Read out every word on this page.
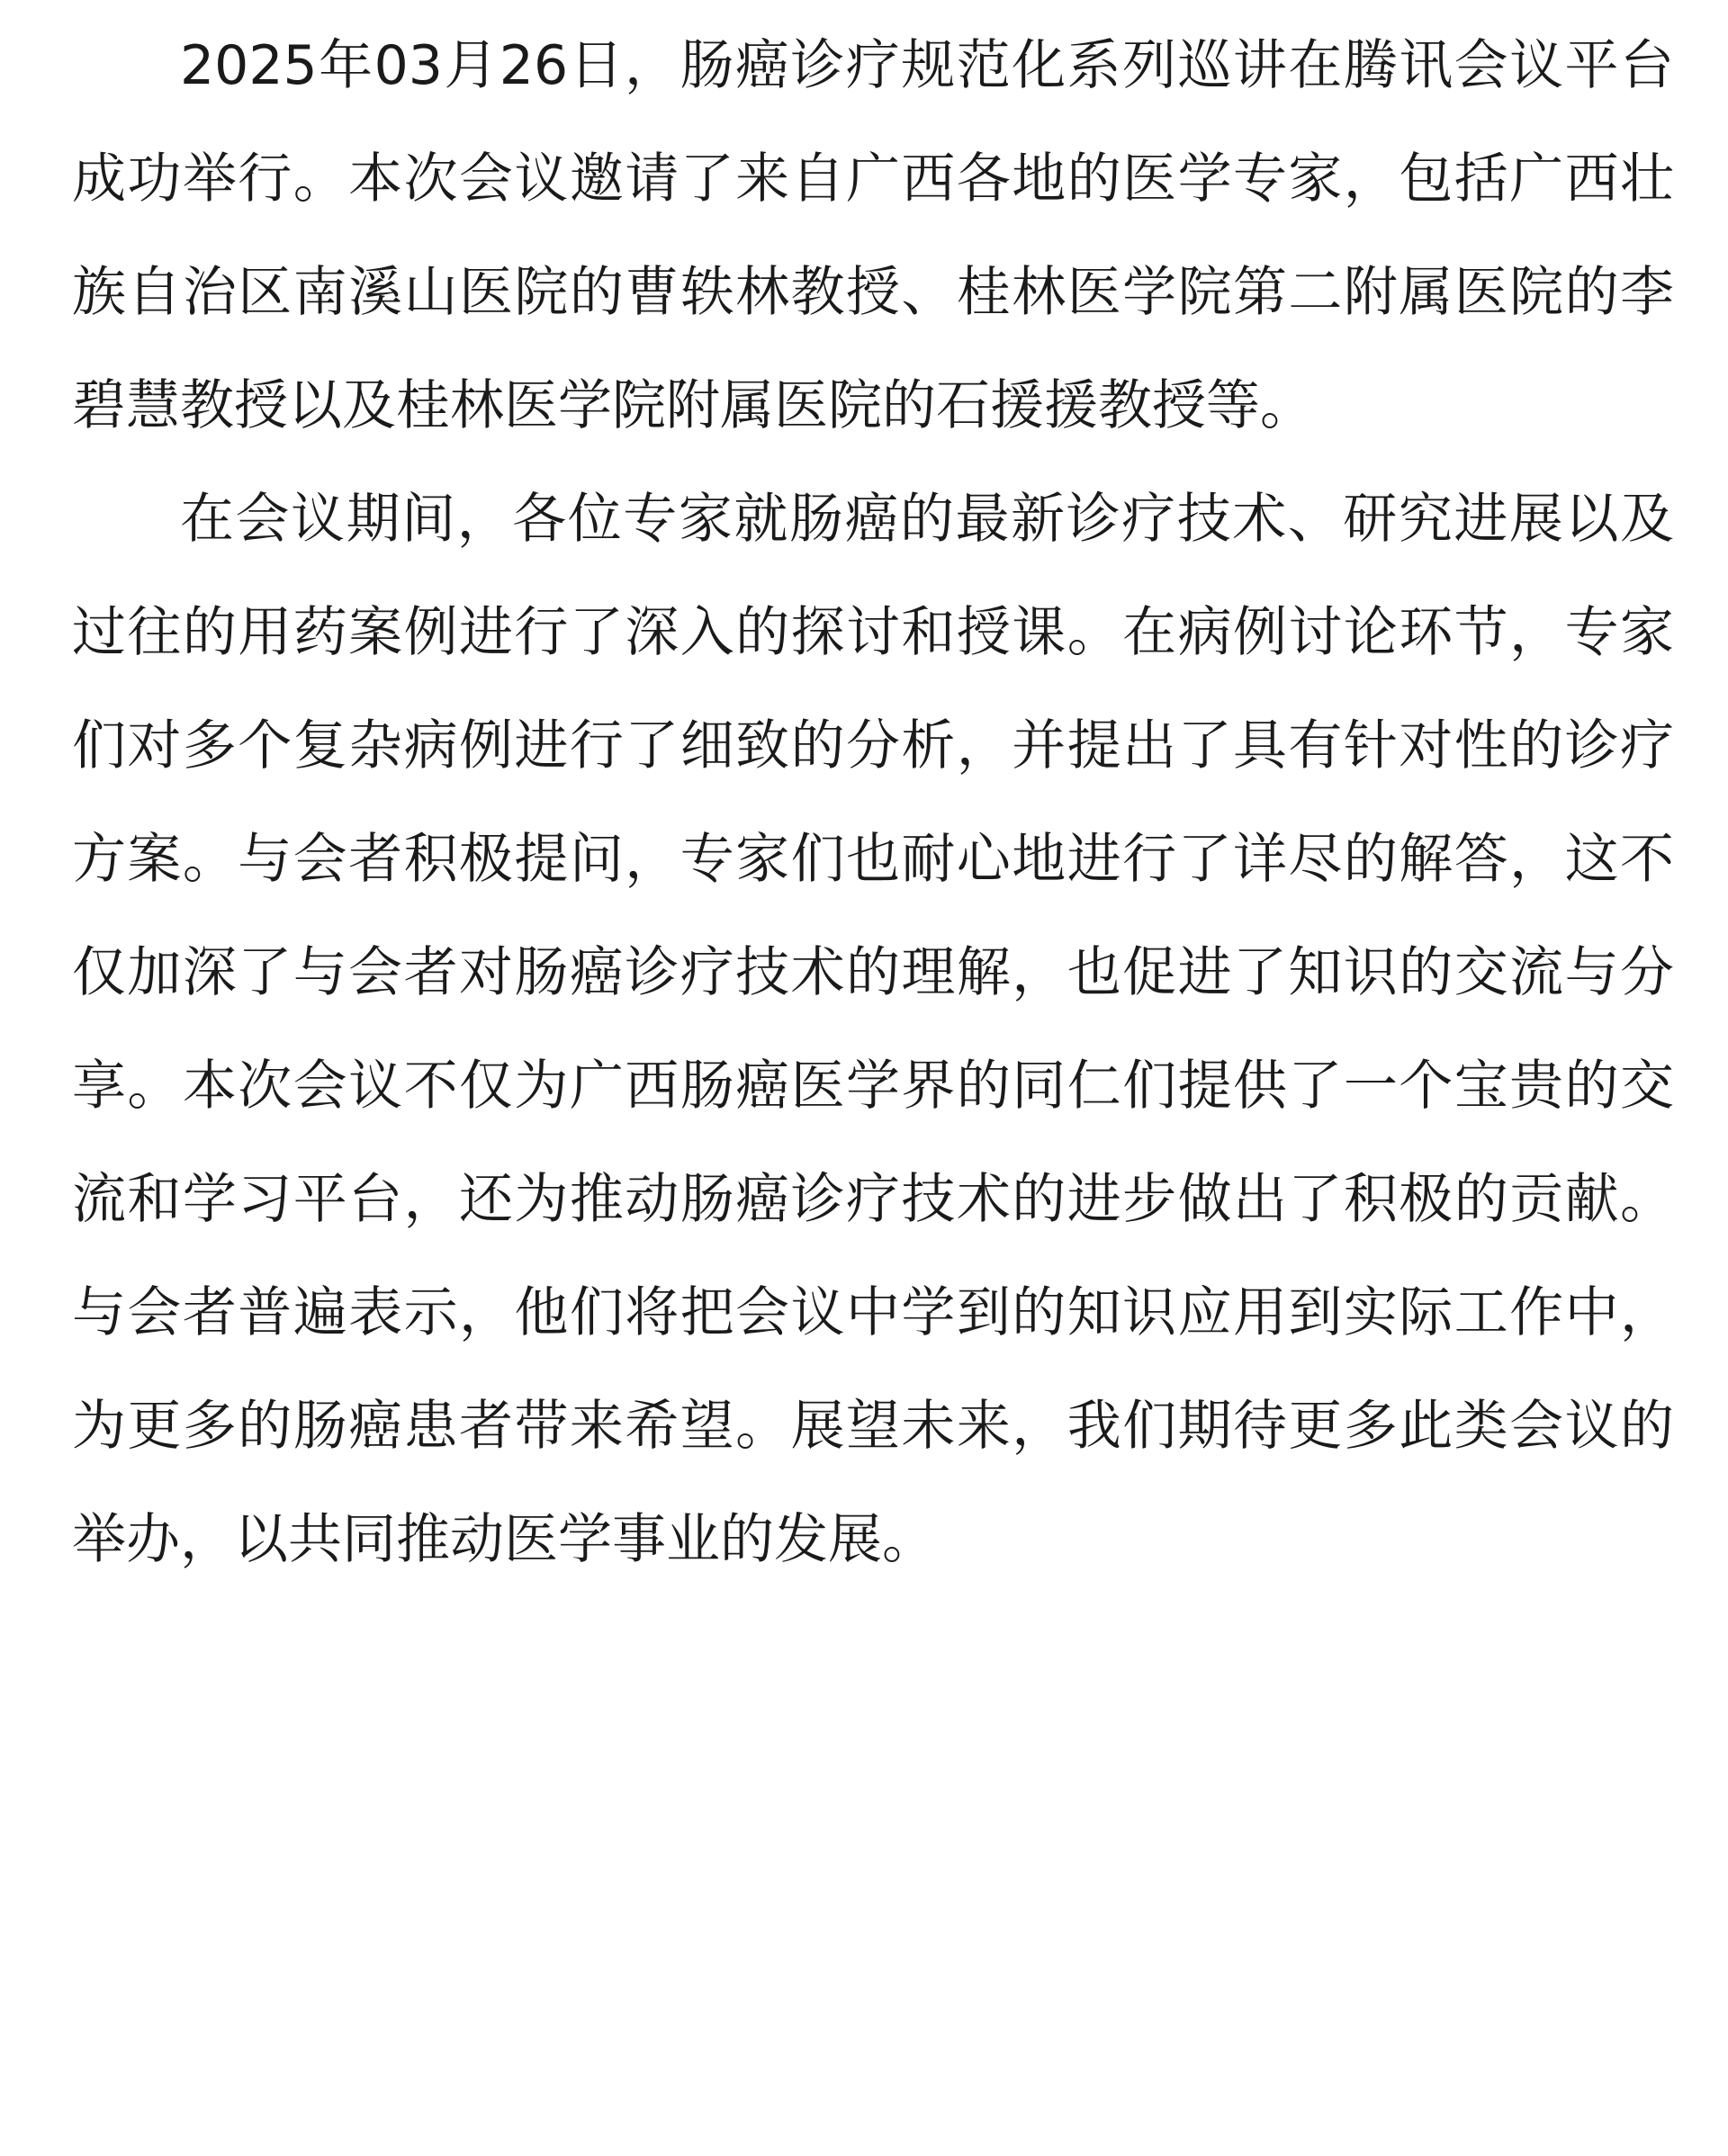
2025年03月26日，肠癌诊疗规范化系列巡讲在腾讯会议平台成功举行。本次会议邀请了来自广西各地的医学专家，包括广西壮族自治区南溪山医院的曹轶林教授、桂林医学院第二附属医院的李碧慧教授以及桂林医学院附属医院的石援援教授等。

在会议期间，各位专家就肠癌的最新诊疗技术、研究进展以及过往的用药案例进行了深入的探讨和授课。在病例讨论环节，专家们对多个复杂病例进行了细致的分析，并提出了具有针对性的诊疗方案。与会者积极提问，专家们也耐心地进行了详尽的解答，这不仅加深了与会者对肠癌诊疗技术的理解，也促进了知识的交流与分享。本次会议不仅为广西肠癌医学界的同仁们提供了一个宝贵的交流和学习平台，还为推动肠癌诊疗技术的进步做出了积极的贡献。与会者普遍表示，他们将把会议中学到的知识应用到实际工作中，为更多的肠癌患者带来希望。展望未来，我们期待更多此类会议的举办，以共同推动医学事业的发展。
